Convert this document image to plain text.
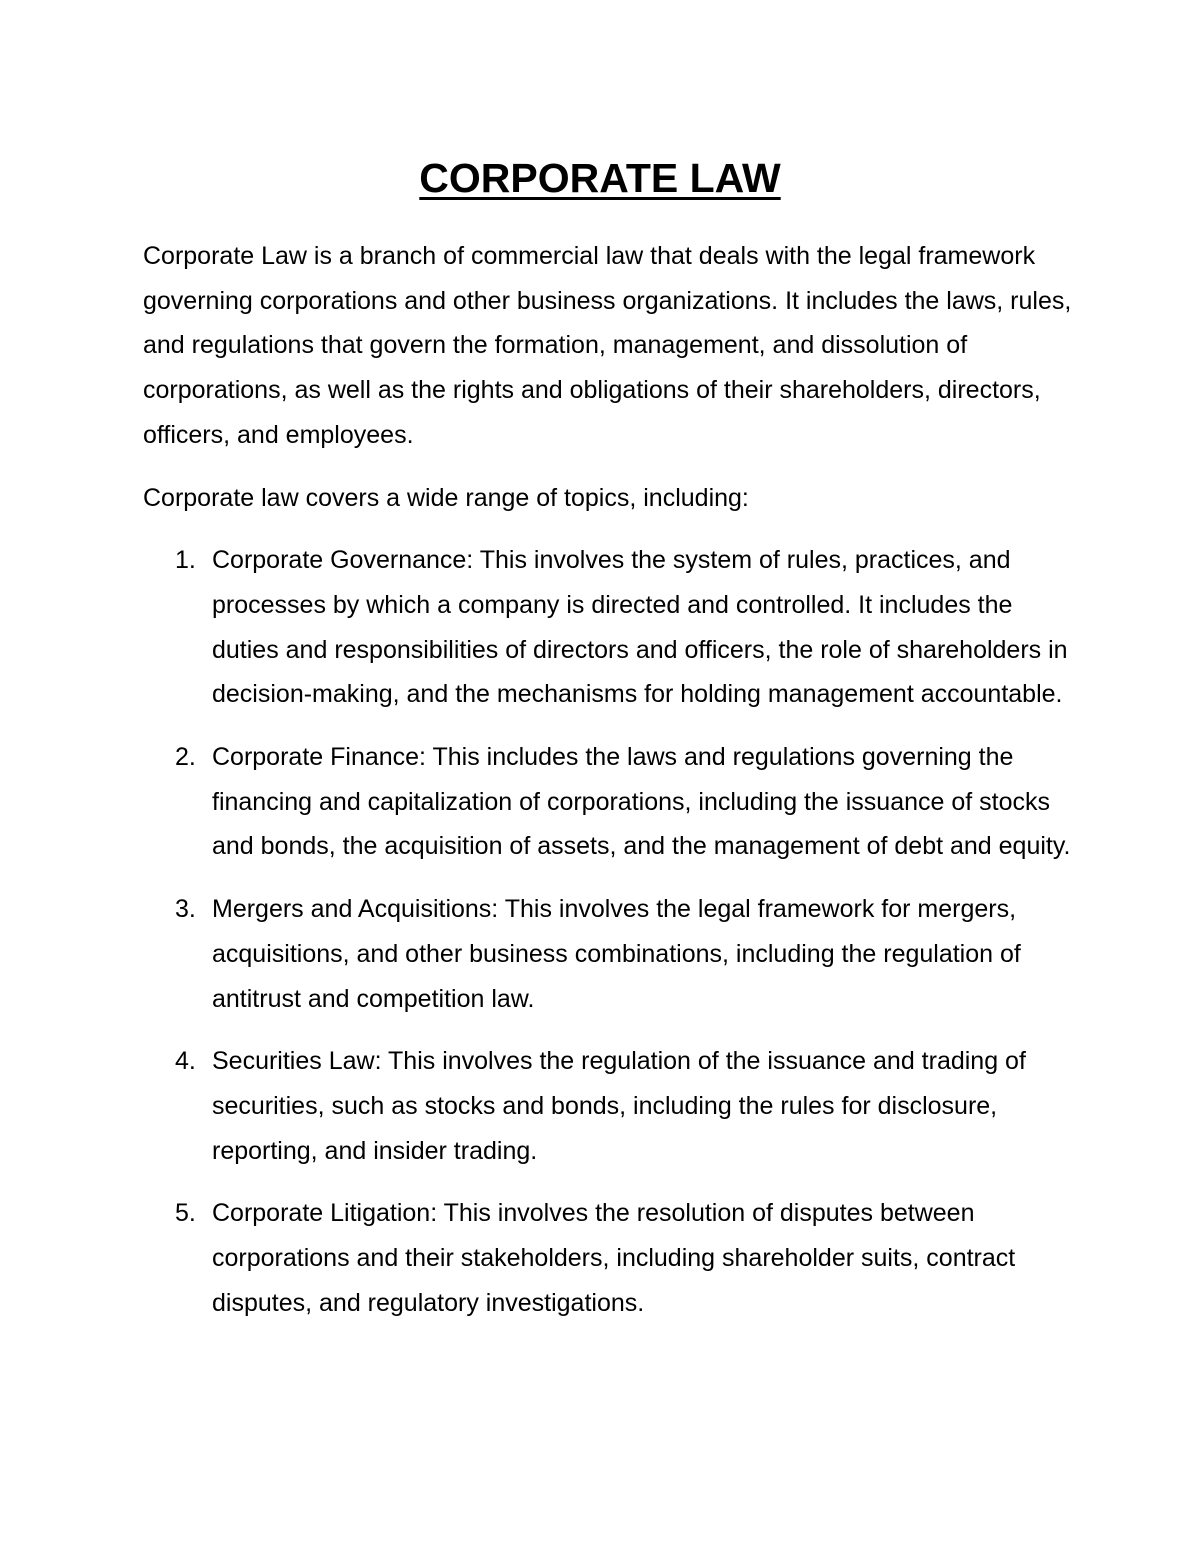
CORPORATE LAW

Corporate Law is a branch of commercial law that deals with the legal framework governing corporations and other business organizations. It includes the laws, rules, and regulations that govern the formation, management, and dissolution of corporations, as well as the rights and obligations of their shareholders, directors, officers, and employees.

Corporate law covers a wide range of topics, including:

1. Corporate Governance: This involves the system of rules, practices, and processes by which a company is directed and controlled. It includes the duties and responsibilities of directors and officers, the role of shareholders in decision-making, and the mechanisms for holding management accountable.
2. Corporate Finance: This includes the laws and regulations governing the financing and capitalization of corporations, including the issuance of stocks and bonds, the acquisition of assets, and the management of debt and equity.
3. Mergers and Acquisitions: This involves the legal framework for mergers, acquisitions, and other business combinations, including the regulation of antitrust and competition law.
4. Securities Law: This involves the regulation of the issuance and trading of securities, such as stocks and bonds, including the rules for disclosure, reporting, and insider trading.
5. Corporate Litigation: This involves the resolution of disputes between corporations and their stakeholders, including shareholder suits, contract disputes, and regulatory investigations.
